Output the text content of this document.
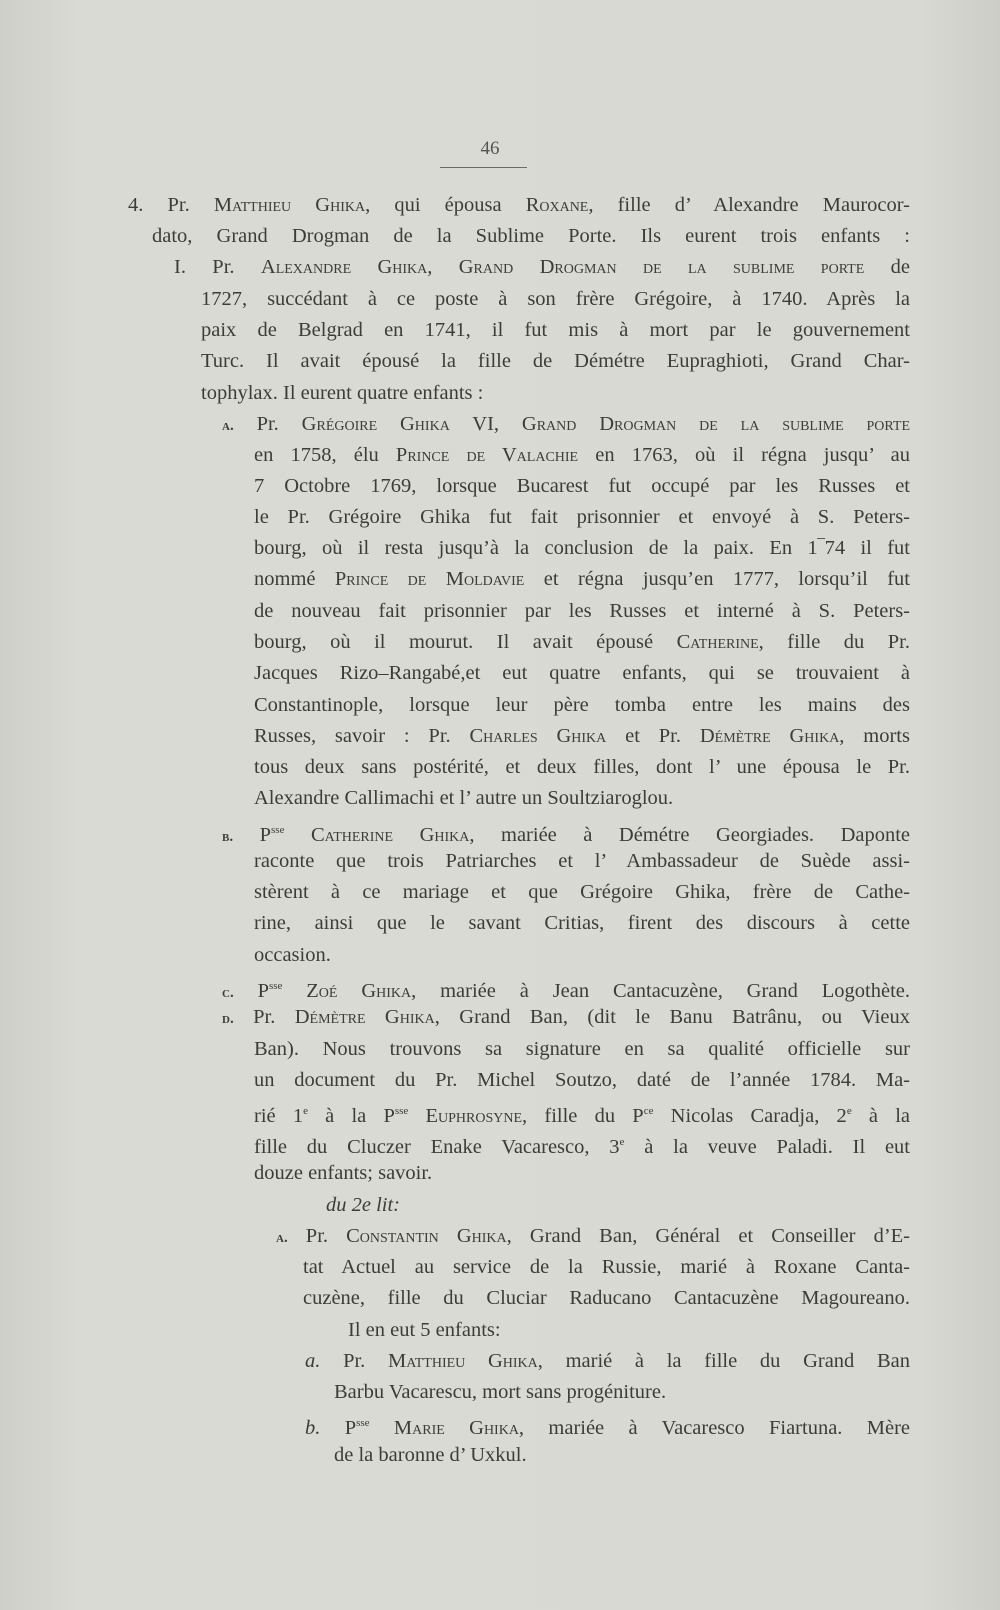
46
4. Pr. Matthieu Ghika, qui épousa Roxane, fille d’ Alexandre Maurocor-
dato, Grand Drogman de la Sublime Porte. Ils eurent trois enfants :
I. Pr. Alexandre Ghika, Grand Drogman de la sublime porte de
1727, succédant à ce poste à son frère Grégoire, à 1740. Après la
paix de Belgrad en 1741, il fut mis à mort par le gouvernement
Turc. Il avait épousé la fille de Démétre Eupraghioti, Grand Char-
tophylax. Il eurent quatre enfants :
a. Pr. Grégoire Ghika VI, Grand Drogman de la sublime porte
en 1758, élu Prince de Valachie en 1763, où il régna jusqu’ au
7 Octobre 1769, lorsque Bucarest fut occupé par les Russes et
le Pr. Grégoire Ghika fut fait prisonnier et envoyé à S. Peters-
bourg, où il resta jusqu’à la conclusion de la paix. En 1‾74 il fut
nommé Prince de Moldavie et régna jusqu’en 1777, lorsqu’il fut
de nouveau fait prisonnier par les Russes et interné à S. Peters-
bourg, où il mourut. Il avait épousé Catherine, fille du Pr.
Jacques Rizo–Rangabé,et eut quatre enfants, qui se trouvaient à
Constantinople, lorsque leur père tomba entre les mains des
Russes, savoir : Pr. Charles Ghika et Pr. Démètre Ghika, morts
tous deux sans postérité, et deux filles, dont l’ une épousa le Pr.
Alexandre Callimachi et l’ autre un Soultziaroglou.
b. $P^{sse}$ Catherine Ghika, mariée à Démétre Georgiades. Daponte
raconte que trois Patriarches et l’ Ambassadeur de Suède assi-
stèrent à ce mariage et que Grégoire Ghika, frère de Cathe-
rine, ainsi que le savant Critias, firent des discours à cette
occasion.
c. $P^{sse}$ Zoé Ghika, mariée à Jean Cantacuzène, Grand Logothète.
d. Pr. Démètre Ghika, Grand Ban, (dit le Banu Batrânu, ou Vieux
Ban). Nous trouvons sa signature en sa qualité officielle sur
un document du Pr. Michel Soutzo, daté de l’année 1784. Ma-
rié 1e à la $P^{sse}$ Euphrosyne, fille du $P^{ce}$ Nicolas Caradja, 2e à la
fille du Cluczer Enake Vacaresco, 3e à la veuve Paladi. Il eut
douze enfants; savoir.
du 2e lit:
a. Pr. Constantin Ghika, Grand Ban, Général et Conseiller d’E-
tat Actuel au service de la Russie, marié à Roxane Canta-
cuzène, fille du Cluciar Raducano Cantacuzène Magoureano.
Il en eut 5 enfants:
a. Pr. Matthieu Ghika, marié à la fille du Grand Ban
Barbu Vacarescu, mort sans progéniture.
b. $P^{sse}$ Marie Ghika, mariée à Vacaresco Fiartuna. Mère
de la baronne d’ Uxkul.
